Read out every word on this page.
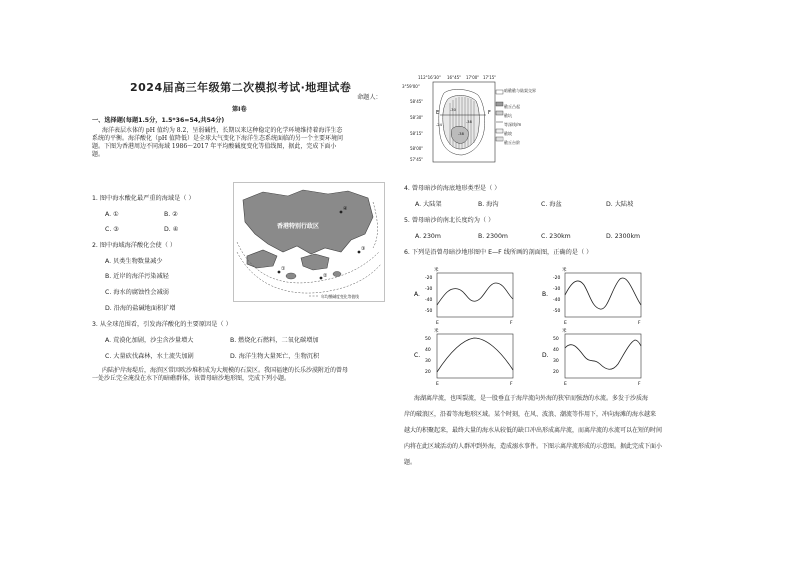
2024届高三年级第二次模拟考试·地理试卷
命题人：
第Ⅰ卷
一、选择题(每题1.5分，1.5*36=54,共54分)
海洋表层水体的 pH 值约为 8.2，呈弱碱性，长期以来这种稳定的化学环境维持着海洋生态
系统的平衡。海洋酸化（pH 值降低）是全球大气变化下海洋生态系统面临的另一个主要环境问
题。下图为香港周边不同海域 1986～2017 年平均酸碱度变化等值线图，据此，完成下面小
题。
①
②
③
④
香港特别行政区
年均酸碱度变化等值线
1. 图中海水酸化最严重的海域是（ ）
A. ①	B. ②
C. ③	D. ④
2. 图中海域海洋酸化会使（ ）
A. 贝类生物数量减少
B. 近岸的海洋污染减轻
C. 海水的腐蚀性会减弱
D. 沿海的盐碱地面积扩增
3. 从全球范围看，引发海洋酸化的主要原因是（ ）
A. 荒漠化加剧，沙尘含沙量增大	B. 燃烧化石燃料，二氧化碳增加
C. 大量砍伐森林，水土流失加剧	D. 海洋生物大量死亡，生物沉积
内陆护岸海堤后，海滨区常因吹沙堆积成为大规模的石炭区。我国福建的长乐沙漠附近的曾母
一处沙丘完全淹没在水下的暗礁群体，该曾母暗沙地形图，完成下列小题。
112°16'30" 16°45" 17'00" 17'15"
3°59'00"
58'45"
58'30"
58'15"
58'00"
57'45"
E	F
-30
-24
-38
-38
暗礁礁与陆架交界
礁丘凸起
礁坑
等深线/m
礁坡
礁丘台阶
4. 曾母暗沙的海底地形类型是（ ）
A. 大陆架	B. 海沟	C. 海盆	D. 大陆坡
5. 曾母暗沙的南北长度约为（ ）
A. 230m	B. 2300m	C. 230km	D. 2300km
6. 下列是沿曾母暗沙地形图中 E—F 线所画的剖面图，正确的是（ ）
A.
米
-20
-30
-40
-50
E	F
B.
米
-20
-30
-40
-50
E	F
C.
米
50
40
30
20
E	F
D.
米
50
40
30
20
E	F
海湖离岸流，也叫裂流，是一股垂直于海岸流向外海的狭窄而强劲的水流。多发于沙质海
岸的破浪区，沿着等海地形区域。某个时刻，在风、波浪、潮流等作用下，冲向海滩的海水越来
越大的积聚起来，最终大量的海水从较低的缺口冲出形成离岸流，而离岸流的水流可以在短的时间
内将在此区域活动的人群冲到外海，造成溺水事件。下图示离岸流形成的示意图。据此完成下面小
题。
